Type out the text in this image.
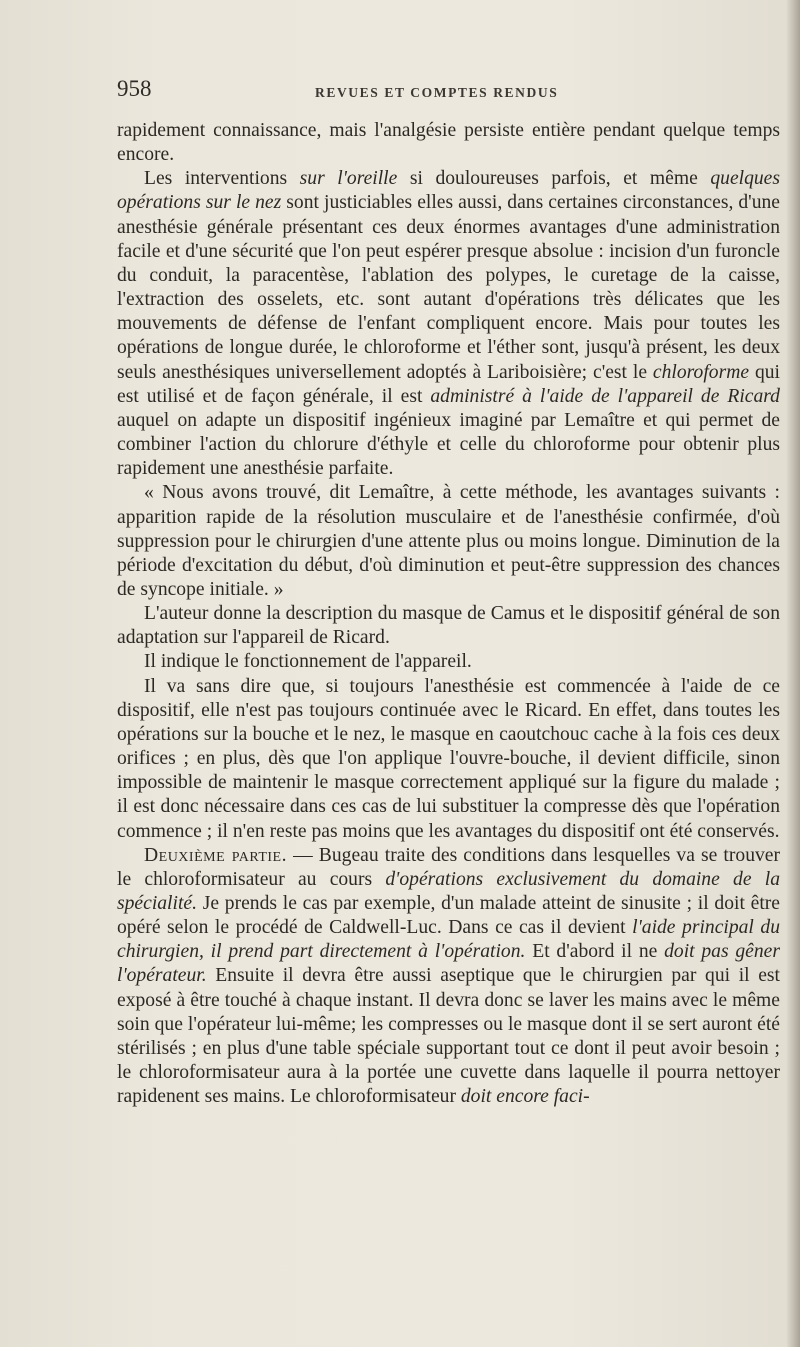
958	REVUES ET COMPTES RENDUS

rapidement connaissance, mais l'analgésie persiste entière pendant quelque temps encore.

Les interventions sur l'oreille si douloureuses parfois, et même quelques opérations sur le nez sont justiciables elles aussi, dans certaines circonstances, d'une anesthésie générale présentant ces deux énormes avantages d'une administration facile et d'une sécurité que l'on peut espérer presque absolue : incision d'un furoncle du conduit, la paracentèse, l'ablation des polypes, le curetage de la caisse, l'extraction des osselets, etc. sont autant d'opérations très délicates que les mouvements de défense de l'enfant compliquent encore. Mais pour toutes les opérations de longue durée, le chloroforme et l'éther sont, jusqu'à présent, les deux seuls anesthésiques universellement adoptés à Lariboisière; c'est le chloroforme qui est utilisé et de façon générale, il est administré à l'aide de l'appareil de Ricard auquel on adapte un dispositif ingénieux imaginé par Lemaître et qui permet de combiner l'action du chlorure d'éthyle et celle du chloroforme pour obtenir plus rapidement une anesthésie parfaite.

« Nous avons trouvé, dit Lemaître, à cette méthode, les avantages suivants : apparition rapide de la résolution musculaire et de l'anesthésie confirmée, d'où suppression pour le chirurgien d'une attente plus ou moins longue. Diminution de la période d'excitation du début, d'où diminution et peut-être suppression des chances de syncope initiale. »

L'auteur donne la description du masque de Camus et le dispositif général de son adaptation sur l'appareil de Ricard.

Il indique le fonctionnement de l'appareil.

Il va sans dire que, si toujours l'anesthésie est commencée à l'aide de ce dispositif, elle n'est pas toujours continuée avec le Ricard. En effet, dans toutes les opérations sur la bouche et le nez, le masque en caoutchouc cache à la fois ces deux orifices ; en plus, dès que l'on applique l'ouvre-bouche, il devient difficile, sinon impossible de maintenir le masque correctement appliqué sur la figure du malade ; il est donc nécessaire dans ces cas de lui substituer la compresse dès que l'opération commence ; il n'en reste pas moins que les avantages du dispositif ont été conservés.

Deuxième partie. — Bugeau traite des conditions dans lesquelles va se trouver le chloroformisateur au cours d'opérations exclusivement du domaine de la spécialité. Je prends le cas par exemple, d'un malade atteint de sinusite ; il doit être opéré selon le procédé de Caldwell-Luc. Dans ce cas il devient l'aide principal du chirurgien, il prend part directement à l'opération. Et d'abord il ne doit pas gêner l'opérateur. Ensuite il devra être aussi aseptique que le chirurgien par qui il est exposé à être touché à chaque instant. Il devra donc se laver les mains avec le même soin que l'opérateur lui-même; les compresses ou le masque dont il se sert auront été stérilisés ; en plus d'une table spéciale supportant tout ce dont il peut avoir besoin ; le chloroformisateur aura à la portée une cuvette dans laquelle il pourra nettoyer rapidenent ses mains. Le chloroformisateur doit encore faci-
